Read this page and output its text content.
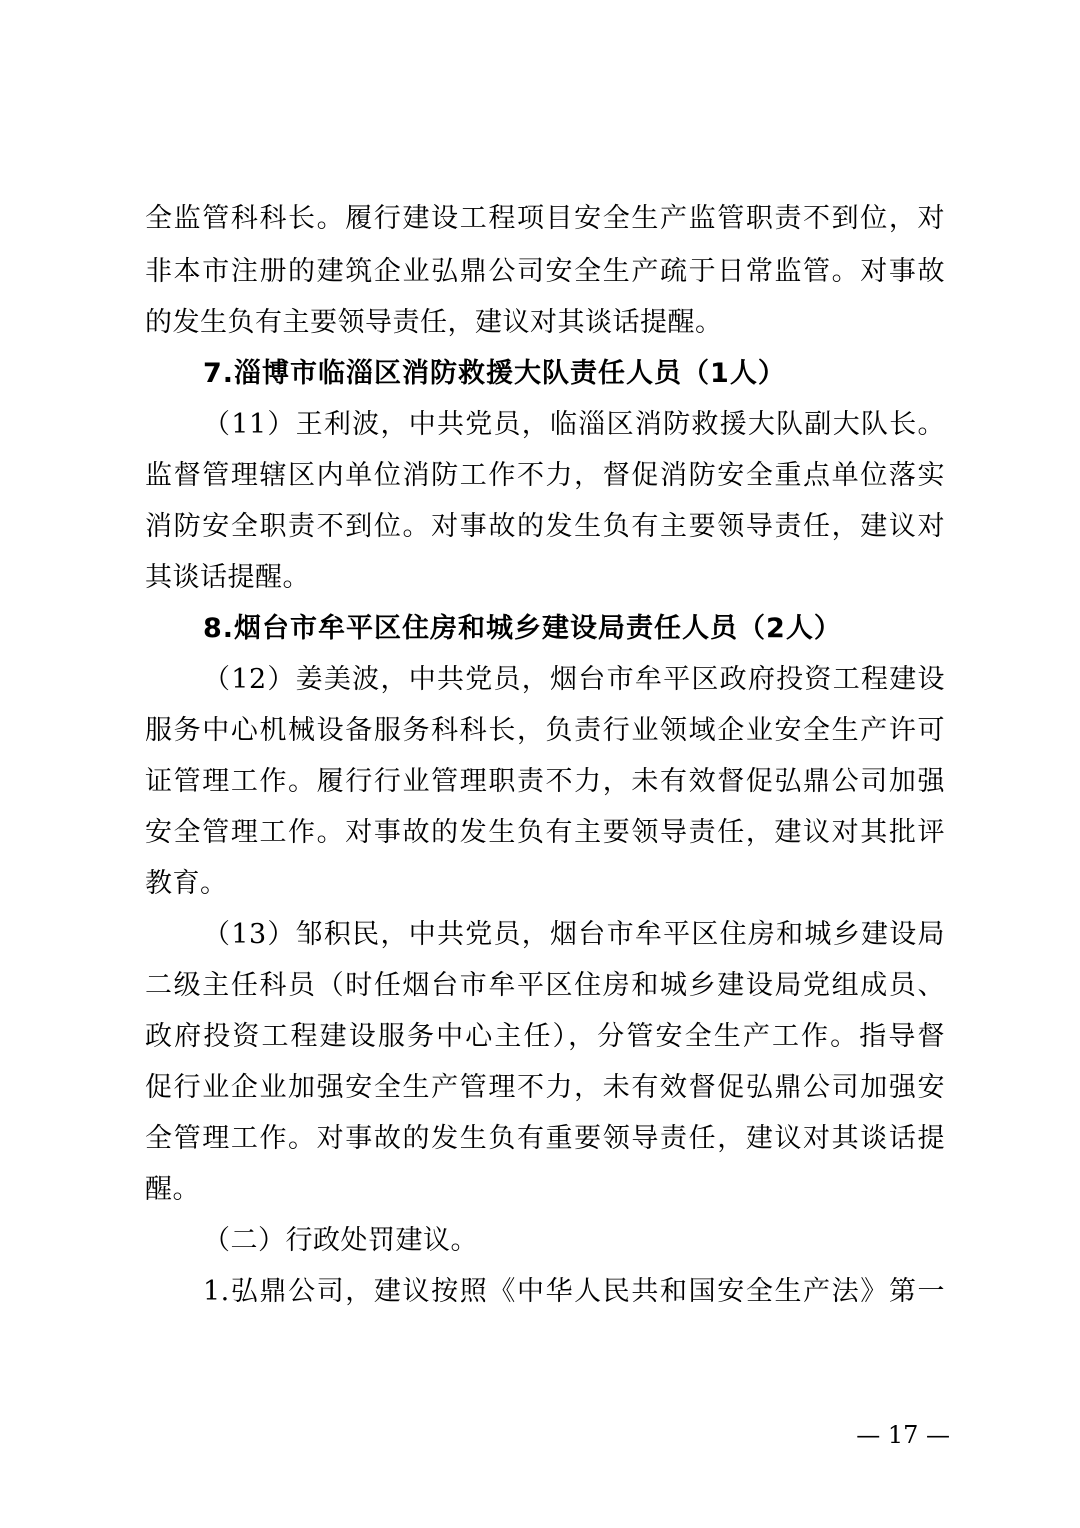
全监管科科长。履行建设工程项目安全生产监管职责不到位，对
非本市注册的建筑企业弘鼎公司安全生产疏于日常监管。对事故
的发生负有主要领导责任，建议对其谈话提醒。
7.淄博市临淄区消防救援大队责任人员（1人）
（11）王利波，中共党员，临淄区消防救援大队副大队长。
监督管理辖区内单位消防工作不力，督促消防安全重点单位落实
消防安全职责不到位。对事故的发生负有主要领导责任，建议对
其谈话提醒。
8.烟台市牟平区住房和城乡建设局责任人员（2人）
（12）姜美波，中共党员，烟台市牟平区政府投资工程建设
服务中心机械设备服务科科长，负责行业领域企业安全生产许可
证管理工作。履行行业管理职责不力，未有效督促弘鼎公司加强
安全管理工作。对事故的发生负有主要领导责任，建议对其批评
教育。
（13）邹积民，中共党员，烟台市牟平区住房和城乡建设局
二级主任科员（时任烟台市牟平区住房和城乡建设局党组成员、
政府投资工程建设服务中心主任），分管安全生产工作。指导督
促行业企业加强安全生产管理不力，未有效督促弘鼎公司加强安
全管理工作。对事故的发生负有重要领导责任，建议对其谈话提
醒。
（二）行政处罚建议。
1.弘鼎公司，建议按照《中华人民共和国安全生产法》第一
— 17 —
